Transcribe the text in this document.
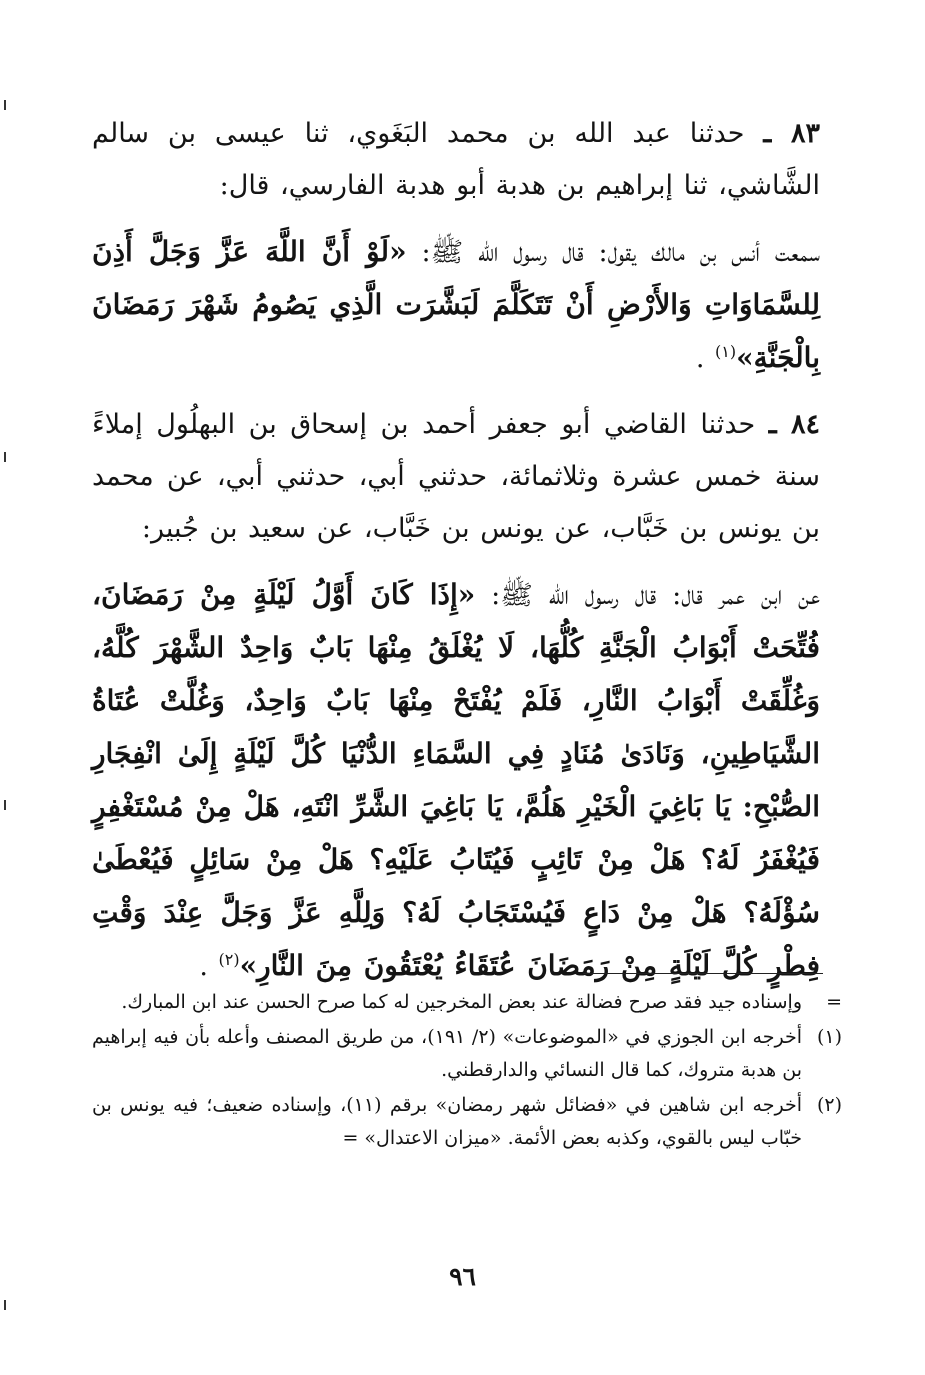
٨٣ ـ حدثنا عبد الله بن محمد البَغَوي، ثنا عيسى بن سالم الشَّاشي، ثنا إبراهيم بن هدبة أبو هدبة الفارسي، قال:

سمعت أنس بن مالك يقول: قال رسول الله ﷺ: «لَوْ أَنَّ اللَّهَ عَزَّ وَجَلَّ أَذِنَ لِلسَّمَاوَاتِ وَالأَرْضِ أَنْ تَتَكَلَّمَ لَبَشَّرَت الَّذِي يَصُومُ شَهْرَ رَمَضَانَ بِالْجَنَّةِ»$^{(١)}$ .

٨٤ ـ حدثنا القاضي أبو جعفر أحمد بن إسحاق بن البهلُول إملاءً سنة خمس عشرة وثلاثمائة، حدثني أبي، حدثني أبي، عن محمد بن يونس بن خَبَّاب، عن يونس بن خَبَّاب، عن سعيد بن جُبير:

عن ابن عمر قال: قال رسول الله ﷺ: «إِذَا كَانَ أَوَّلُ لَيْلَةٍ مِنْ رَمَضَانَ، فُتِّحَتْ أَبْوَابُ الْجَنَّةِ كُلُّهَا، لَا يُغْلَقُ مِنْهَا بَابٌ وَاحِدٌ الشَّهْرَ كُلَّهُ، وَغُلِّقَتْ أَبْوَابُ النَّارِ، فَلَمْ يُفْتَحْ مِنْهَا بَابٌ وَاحِدٌ، وَغُلَّتْ عُتَاةُ الشَّيَاطِينِ، وَنَادَىٰ مُنَادٍ فِي السَّمَاءِ الدُّنْيَا كُلَّ لَيْلَةٍ إِلَىٰ انْفِجَارِ الصُّبْحِ: يَا بَاغِيَ الْخَيْرِ هَلُمَّ، يَا بَاغِيَ الشَّرِّ انْتَهِ، هَلْ مِنْ مُسْتَغْفِرٍ فَيُغْفَرُ لَهُ؟ هَلْ مِنْ تَائِبٍ فَيُتَابُ عَلَيْهِ؟ هَلْ مِنْ سَائِلٍ فَيُعْطَىٰ سُؤْلَهُ؟ هَلْ مِنْ دَاعٍ فَيُسْتَجَابُ لَهُ؟ وَلِلَّهِ عَزَّ وَجَلَّ عِنْدَ وَقْتِ فِطْرٍ كُلَّ لَيْلَةٍ مِنْ رَمَضَانَ عُتَقَاءُ يُعْتَقُونَ مِنَ النَّارِ»$^{(٢)}$ .

=
وإسناده جيد فقد صرح فضالة عند بعض المخرجين له كما صرح الحسن عند ابن المبارك.
(١)
أخرجه ابن الجوزي في «الموضوعات» (٢/ ١٩١)، من طريق المصنف وأعله بأن فيه إبراهيم بن هدبة متروك، كما قال النسائي والدارقطني.
(٢)
أخرجه ابن شاهين في «فضائل شهر رمضان» برقم (١١)، وإسناده ضعيف؛ فيه يونس بن خبّاب ليس بالقوي، وكذبه بعض الأئمة. «ميزان الاعتدال» =
٩٦
